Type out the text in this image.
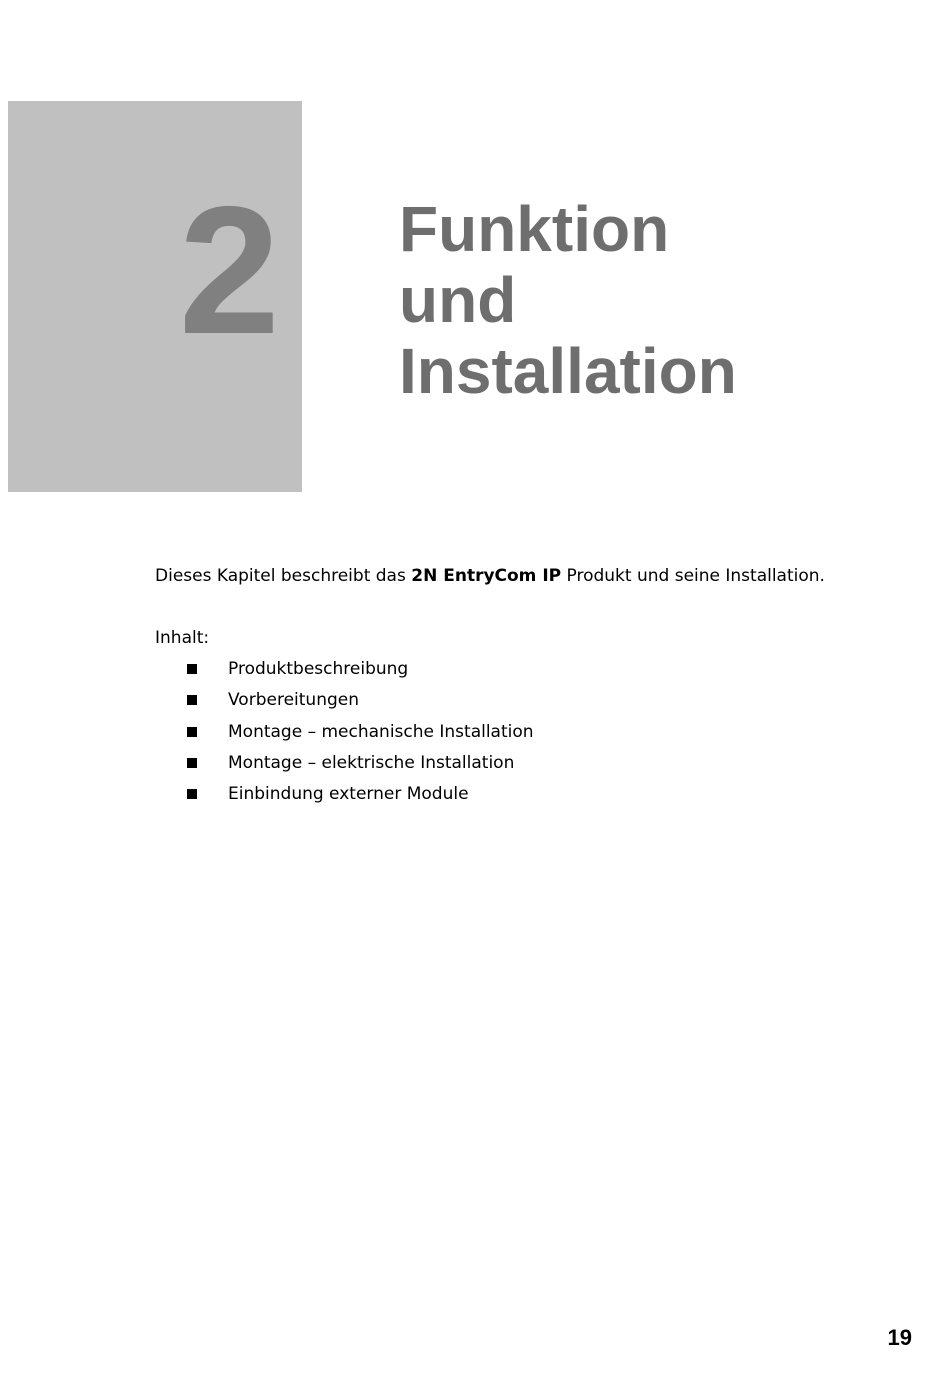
2 Funktion
und
Installation
Dieses Kapitel beschreibt das 2N EntryCom IP Produkt und seine Installation.
Inhalt:
Produktbeschreibung
Vorbereitungen
Montage – mechanische Installation
Montage – elektrische Installation
Einbindung externer Module
19
